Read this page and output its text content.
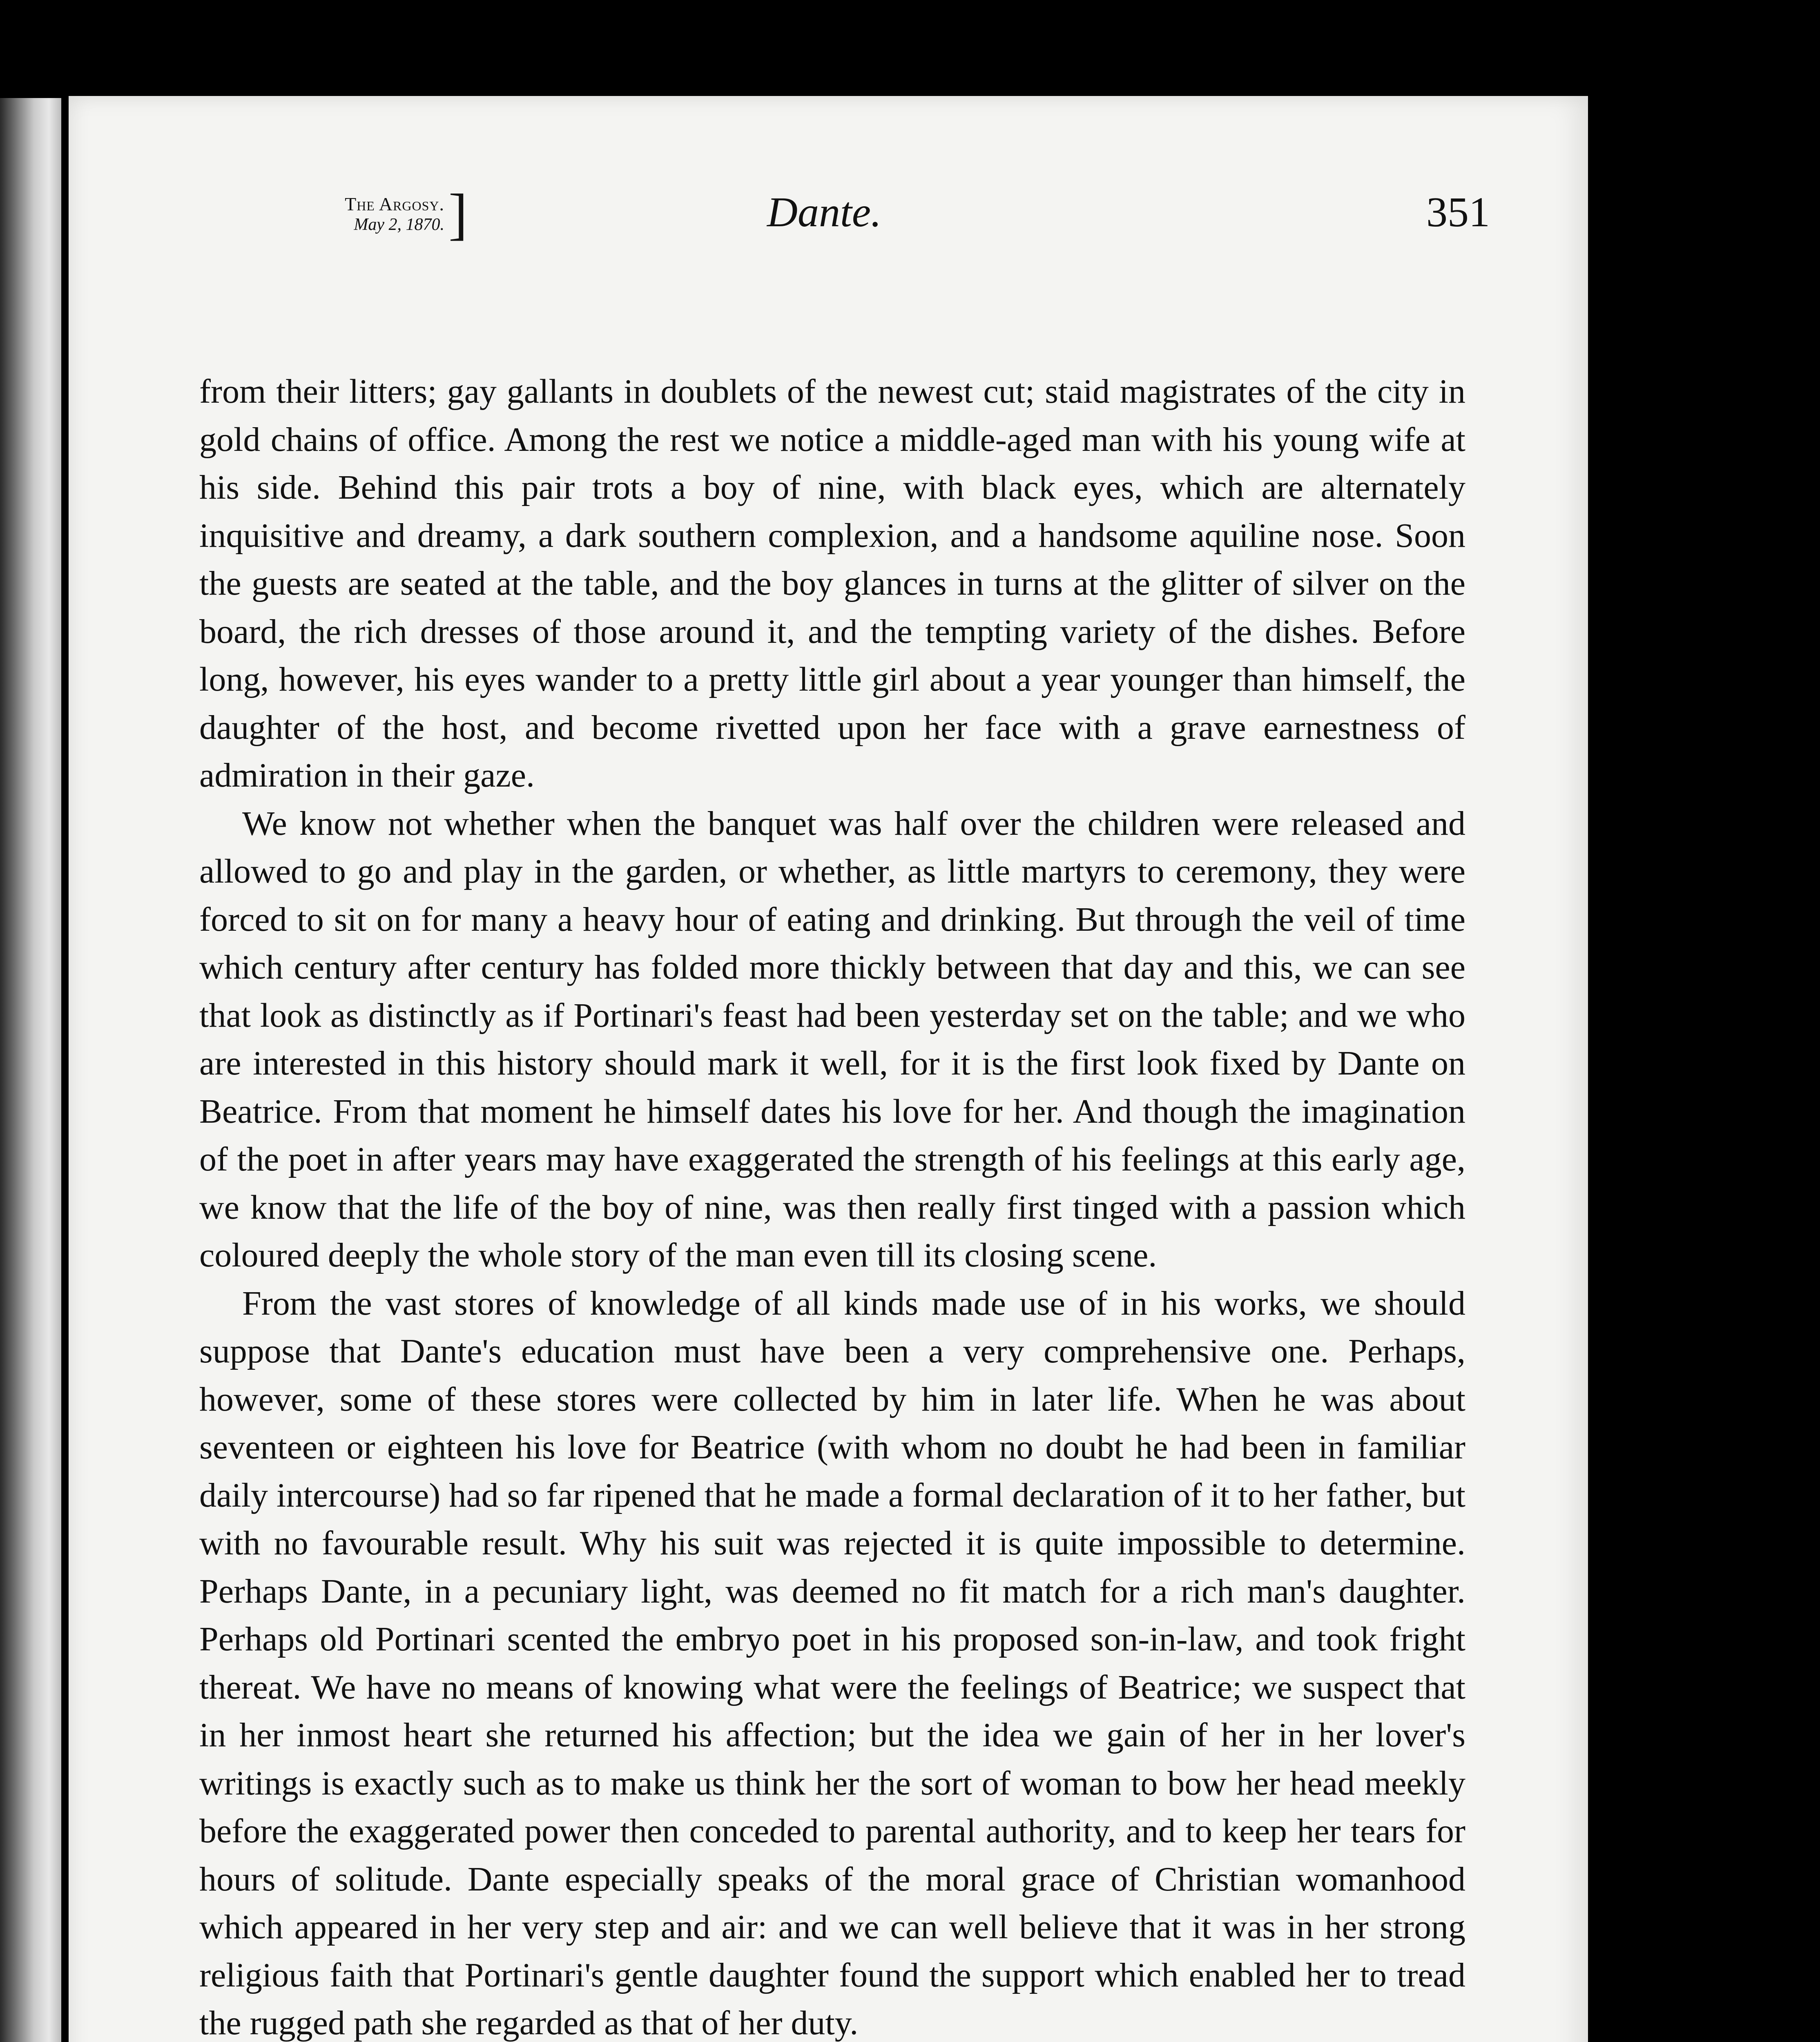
The Argosy.
May 2, 1870. ]	Dante.	351

from their litters; gay gallants in doublets of the newest cut; staid magistrates of the city in gold chains of office. Among the rest we notice a middle-aged man with his young wife at his side. Behind this pair trots a boy of nine, with black eyes, which are alternately inquisitive and dreamy, a dark southern complexion, and a handsome aquiline nose. Soon the guests are seated at the table, and the boy glances in turns at the glitter of silver on the board, the rich dresses of those around it, and the tempting variety of the dishes. Before long, however, his eyes wander to a pretty little girl about a year younger than himself, the daughter of the host, and become rivetted upon her face with a grave earnestness of admiration in their gaze.

We know not whether when the banquet was half over the children were released and allowed to go and play in the garden, or whether, as little martyrs to ceremony, they were forced to sit on for many a heavy hour of eating and drinking. But through the veil of time which century after century has folded more thickly between that day and this, we can see that look as distinctly as if Portinari's feast had been yesterday set on the table; and we who are interested in this history should mark it well, for it is the first look fixed by Dante on Beatrice. From that moment he himself dates his love for her. And though the imagination of the poet in after years may have exaggerated the strength of his feelings at this early age, we know that the life of the boy of nine, was then really first tinged with a passion which coloured deeply the whole story of the man even till its closing scene.

From the vast stores of knowledge of all kinds made use of in his works, we should suppose that Dante's education must have been a very comprehensive one. Perhaps, however, some of these stores were collected by him in later life. When he was about seventeen or eighteen his love for Beatrice (with whom no doubt he had been in familiar daily intercourse) had so far ripened that he made a formal declaration of it to her father, but with no favourable result. Why his suit was rejected it is quite impossible to determine. Perhaps Dante, in a pecuniary light, was deemed no fit match for a rich man's daughter. Perhaps old Portinari scented the embryo poet in his proposed son-in-law, and took fright thereat. We have no means of knowing what were the feelings of Beatrice; we suspect that in her inmost heart she returned his affection; but the idea we gain of her in her lover's writings is exactly such as to make us think her the sort of woman to bow her head meekly before the exaggerated power then conceded to parental authority, and to keep her tears for hours of solitude. Dante especially speaks of the moral grace of Christian womanhood which appeared in her very step and air: and we can well believe that it was in her strong religious faith that Portinari's gentle daughter found the support which enabled her to tread the rugged path she regarded as that of her duty.
